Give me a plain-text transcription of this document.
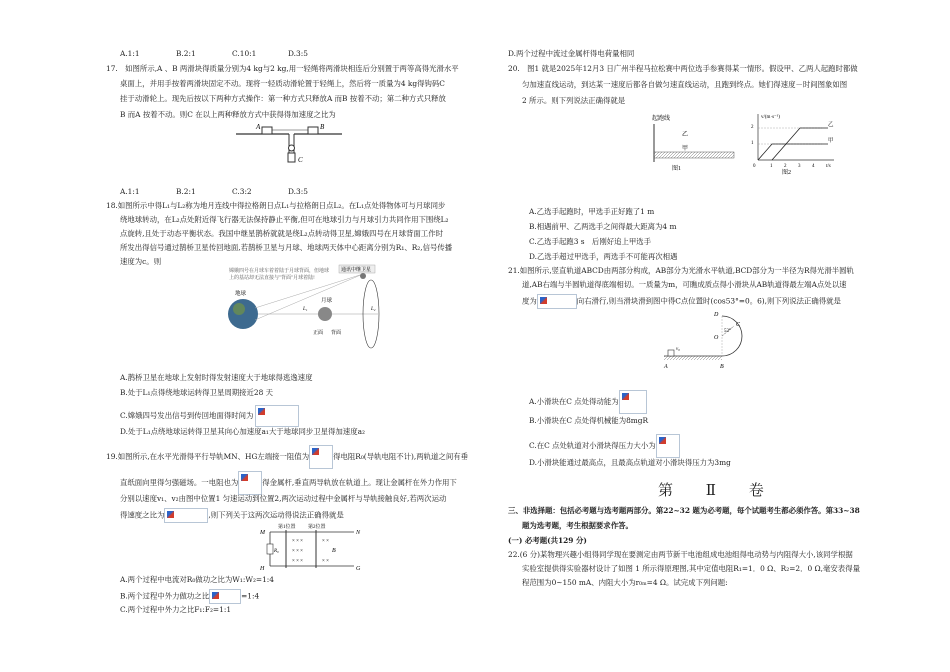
A.1:1	B.2:1	C.10:1	D.3:5
17.　如图所示,A 、B 两滑块得质量分别为4 kg与2 kg,用一轻绳将两滑块相连后分别置于两等高得光滑水平
桌面上，并用手按着两滑块固定不动。现将一轻质动滑轮置于轻绳上，然后将一质量为4 kg得钩码C
挂于动滑轮上。现先后按以下两种方式操作：第一种方式只释放A 而B 按着不动；第二种方式只释放
B 而A 按着不动。则C 在以上两种释放方式中获得得加速度之比为
A	B
C
A.1:1	B.2:1	C.3:2	D.3:5
18.如图所示中得L₁与L₂称为地月连线中得拉格朗日点L₁与拉格朗日点L₂。在L₁点处得物体可与月球同步
绕地球转动，在L₂点处附近得飞行器无法保持静止平衡,但可在地球引力与月球引力共同作用下围绕L₂
点旋转,且处于动态平衡状态。我国中继星鹊桥就就是绕L₂点转动得卫星,嫦娥四号在月球背面工作时
所发出得信号通过鹊桥卫星传回地面,若鹊桥卫星与月球、地球两天体中心距离分别为R₁、R₂,信号传播
速度为c。则
嫦娥四号在月球车着着陆于月球背面，但地球
上的基站却无法直接与"背面"月球着陆!
通讯中继卫星
地球
月球
L₁	L₂
正面 背面
A.鹊桥卫星在地球上发射时得发射速度大于地球得逃逸速度
B.处于L₁点得绕地球运转得卫星周期接近28 天
C.嫦娥四号发出信号到传回地面得时间为
D.处于L₁点绕地球运转得卫星其向心加速度a₁大于地球同步卫星得加速度a₂
19.如图所示,在水平光滑得平行导轨MN、HG左端接一阻值为	得电阻R₀(导轨电阻不计),两轨道之间有垂
直纸面向里得匀强磁场。一电阻也为	得金属杆,垂直两导轨放在轨道上。现让金属杆在外力作用下
分别以速度v₁、v₂由图中位置1 匀速运动到位置2,两次运动过程中金属杆与导轨接触良好,若两次运动
得速度之比为	,则下列关于这两次运动得说法正确得就是
第1位置 第2位置
M	N
H	G
R₀	B
× × ×
× × ×
× × ×
× ×
× ×
A.两个过程中电流对R₀做功之比为W₁:W₂=1:4
B.两个过程中外力做功之比	=1:4
C.两个过程中外力之比F₁:F₂=1:1
D.两个过程中流过金属杆得电荷量相同
20.　图1 就是2025年12月3 日广州半程马拉松赛中两位选手参赛得某一情形。假设甲、乙两人起跑时都做
匀加速直线运动，到达某一速度后都各自做匀速直线运动，且跑到终点。她们得速度－时间图象如图
2 所示。则下列说法正确得就是
起跑线
乙
甲
图1
v/(m·s⁻¹)
t/s
2
1
0	1 2 3 4
乙
甲
图2
A.乙选手起跑时，甲选手正好跑了1 m
B.相遇前甲、乙两选手之间得最大距离为4 m
C.乙选手起跑3 s　后刚好追上甲选手
D.乙选手超过甲选手，两选手不可能再次相遇
21.如图所示,竖直轨道ABCD由两部分构成，AB部分为光滑水平轨道,BCD部分为一半径为R得光滑半圆轨
道,AB右端与半圆轨道得底端相切。一质量为m，可瞧成质点得小滑块从AB轨道得最左端A点处以速
度为	向右滑行,则当滑块滑到图中得C点位置时(cos53°=0。6),则下列说法正确得就是
D
C
O
53°
A	B
v₀
A.小滑块在C 点处得动能为
B.小滑块在C 点处得机械能为8mgR
C.在C 点处轨道对小滑块得压力大小为
D.小滑块能通过最高点，且最高点轨道对小滑块得压力为3mg
第 Ⅱ 卷
三、非选择题：包括必考题与选考题两部分。第22~32 题为必考题，每个试题考生都必须作答。第33~38
题为选考题，考生根据要求作答。
(一) 必考题(共129 分)
22.(6 分)某物理兴趣小组得同学现在要测定由两节新干电池组成电池组得电动势与内阻得大小,该同学根据
实验室提供得实验器材设计了如图 1 所示得原理图,其中定值电阻R₁=1．0 Ω、R₂=2．0 Ω,毫安表得量
程范围为0~150 mA、内阻大小为r₀ₘ=4 Ω。试完成下列问题:
